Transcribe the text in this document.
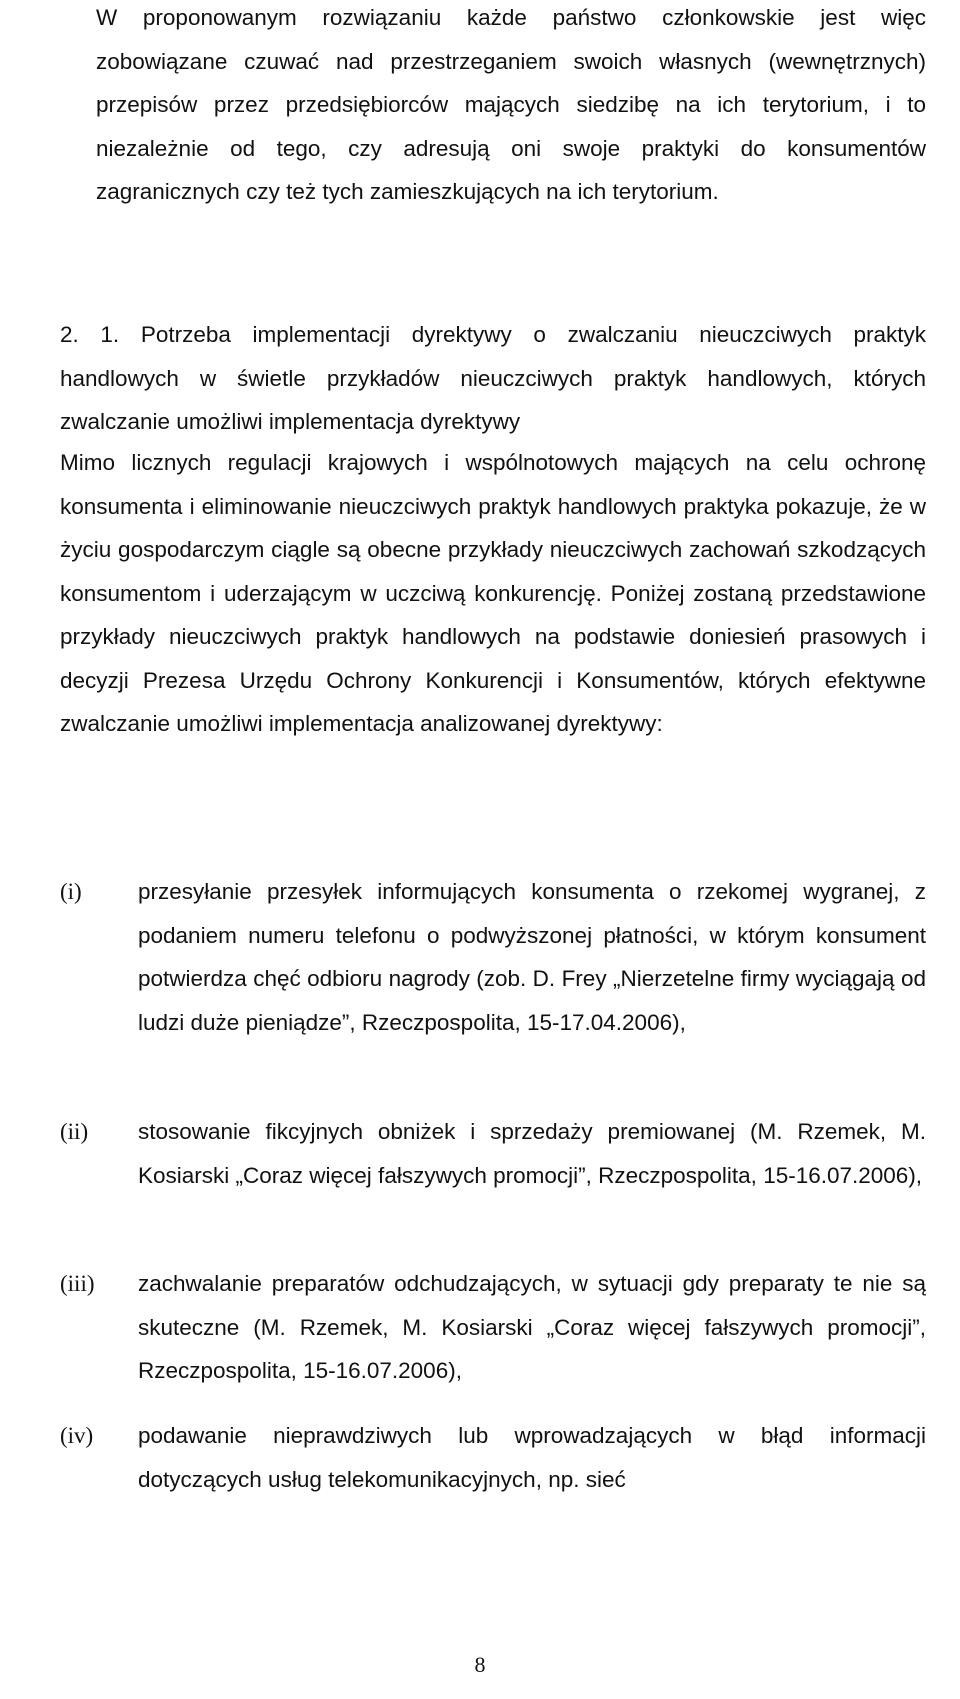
W proponowanym rozwiązaniu każde państwo członkowskie jest więc zobowiązane czuwać nad przestrzeganiem swoich własnych (wewnętrznych) przepisów przez przedsiębiorców mających siedzibę na ich terytorium, i to niezależnie od tego, czy adresują oni swoje praktyki do konsumentów zagranicznych czy też tych zamieszkujących na ich terytorium.
2. 1. Potrzeba implementacji dyrektywy o zwalczaniu nieuczciwych praktyk handlowych w świetle przykładów nieuczciwych praktyk handlowych, których zwalczanie umożliwi implementacja dyrektywy
Mimo licznych regulacji krajowych i wspólnotowych mających na celu ochronę konsumenta i eliminowanie nieuczciwych praktyk handlowych praktyka pokazuje, że w życiu gospodarczym ciągle są obecne przykłady nieuczciwych zachowań szkodzących konsumentom i uderzającym w uczciwą konkurencję. Poniżej zostaną przedstawione przykłady nieuczciwych praktyk handlowych na podstawie doniesień prasowych i decyzji Prezesa Urzędu Ochrony Konkurencji i Konsumentów, których efektywne zwalczanie umożliwi implementacja analizowanej dyrektywy:
(i)	przesyłanie przesyłek informujących konsumenta o rzekomej wygranej, z podaniem numeru telefonu o podwyższonej płatności, w którym konsument potwierdza chęć odbioru nagrody (zob. D. Frey „Nierzetelne firmy wyciągają od ludzi duże pieniądze”, Rzeczpospolita, 15-17.04.2006),
(ii) stosowanie fikcyjnych obniżek i sprzedaży premiowanej (M. Rzemek, M. Kosiarski „Coraz więcej fałszywych promocji”, Rzeczpospolita, 15-16.07.2006),
(iii) zachwalanie preparatów odchudzających, w sytuacji gdy preparaty te nie są skuteczne (M. Rzemek, M. Kosiarski „Coraz więcej fałszywych promocji”, Rzeczpospolita, 15-16.07.2006),
(iv) podawanie nieprawdziwych lub wprowadzających w błąd informacji dotyczących usług telekomunikacyjnych, np. sieć
8
